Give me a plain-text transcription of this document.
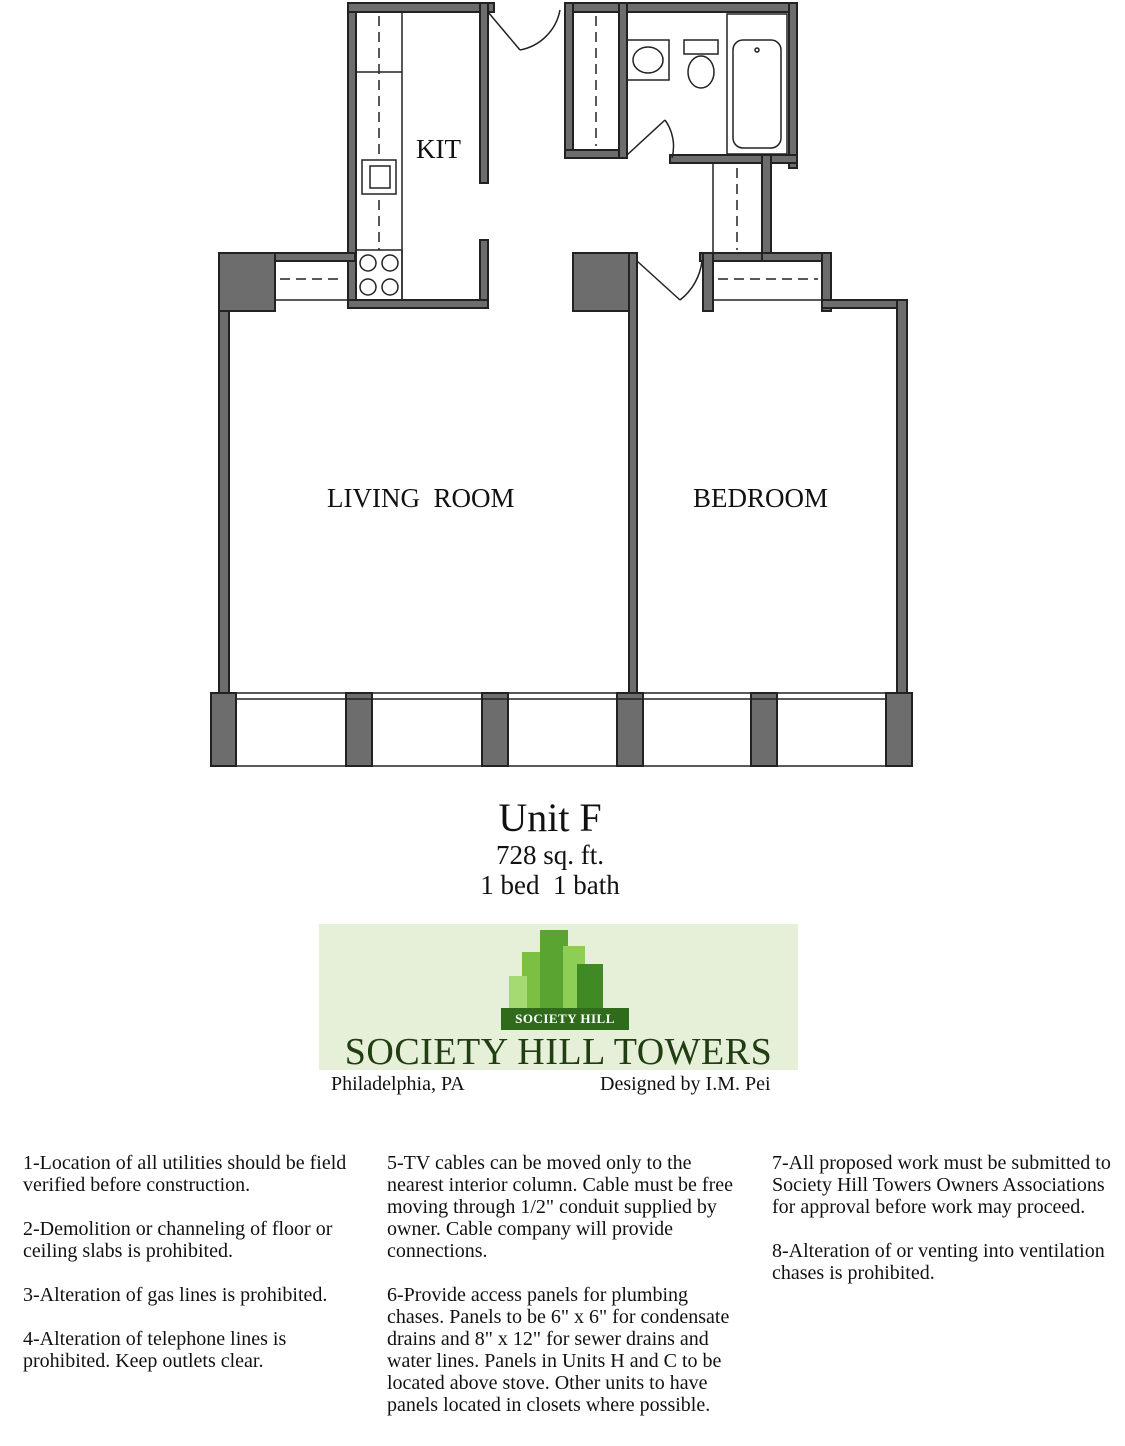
KIT
LIVING  ROOM	BEDROOM
Unit F
728 sq. ft.
1 bed  1 bath
SOCIETY HILL
SOCIETY HILL TOWERS
Philadelphia, PA	Designed by I.M. Pei

1-Location of all utilities should be field verified before construction.

2-Demolition or channeling of floor or ceiling slabs is prohibited.

3-Alteration of gas lines is prohibited.

4-Alteration of telephone lines is prohibited. Keep outlets clear.

5-TV cables can be moved only to the nearest interior column. Cable must be free moving through 1/2" conduit supplied by owner. Cable company will provide connections.

6-Provide access panels for plumbing chases. Panels to be 6" x 6" for condensate drains and 8" x 12" for sewer drains and water lines. Panels in Units H and C to be located above stove. Other units to have panels located in closets where possible.

7-All proposed work must be submitted to Society Hill Towers Owners Associations for approval before work may proceed.

8-Alteration of or venting into ventilation chases is prohibited.
